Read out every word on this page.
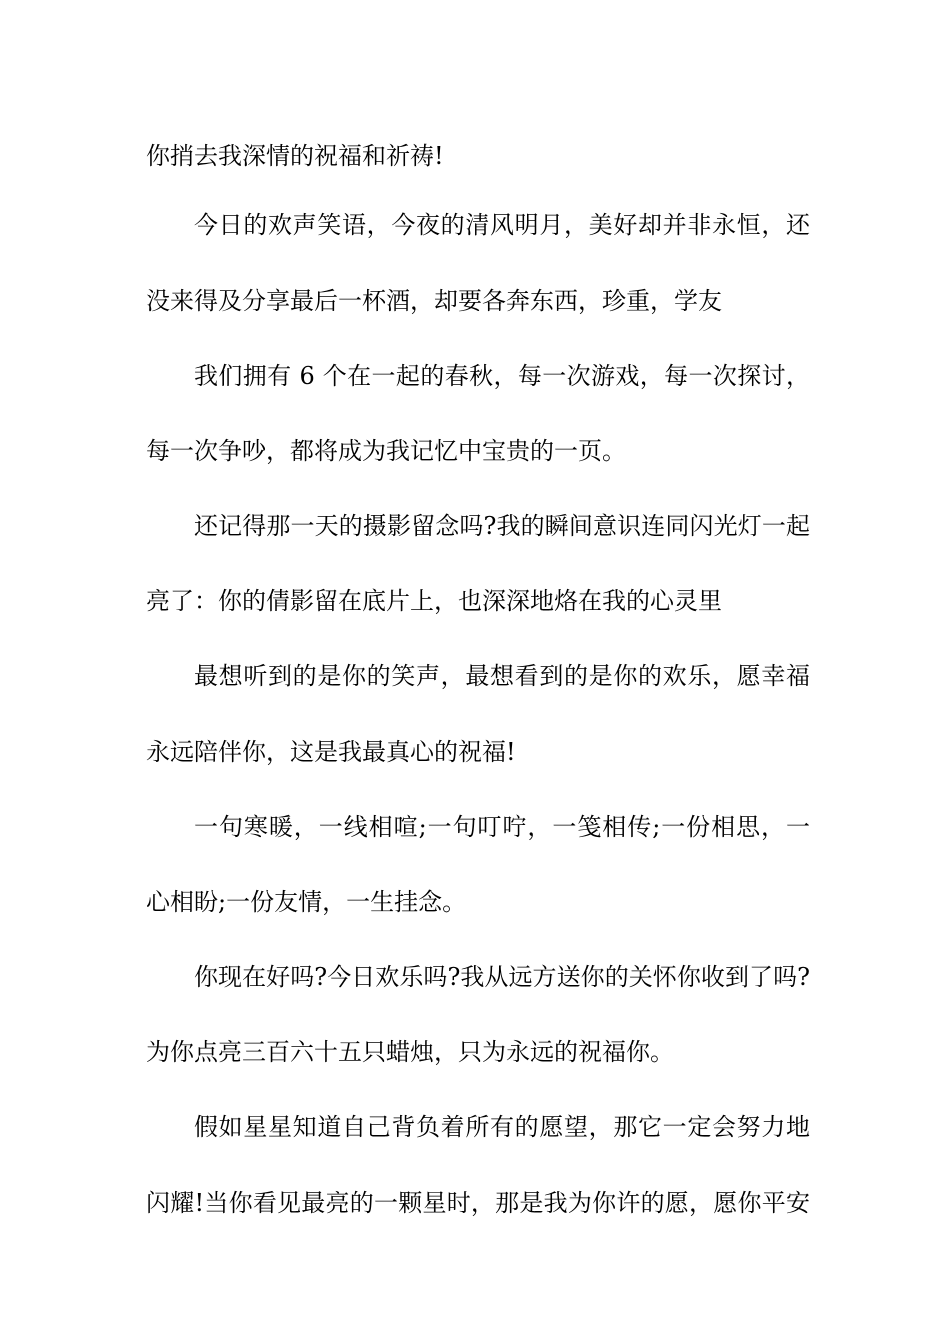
你捎去我深情的祝福和祈祷!
今日的欢声笑语，今夜的清风明月，美好却并非永恒，还
没来得及分享最后一杯酒，却要各奔东西，珍重，学友
我们拥有 6 个在一起的春秋，每一次游戏，每一次探讨，
每一次争吵，都将成为我记忆中宝贵的一页。
还记得那一天的摄影留念吗?我的瞬间意识连同闪光灯一起
亮了：你的倩影留在底片上，也深深地烙在我的心灵里
最想听到的是你的笑声，最想看到的是你的欢乐，愿幸福
永远陪伴你，这是我最真心的祝福!
一句寒暖，一线相喧;一句叮咛，一笺相传;一份相思，一
心相盼;一份友情，一生挂念。
你现在好吗?今日欢乐吗?我从远方送你的关怀你收到了吗?
为你点亮三百六十五只蜡烛，只为永远的祝福你。
假如星星知道自己背负着所有的愿望，那它一定会努力地
闪耀!当你看见最亮的一颗星时，那是我为你许的愿，愿你平安
